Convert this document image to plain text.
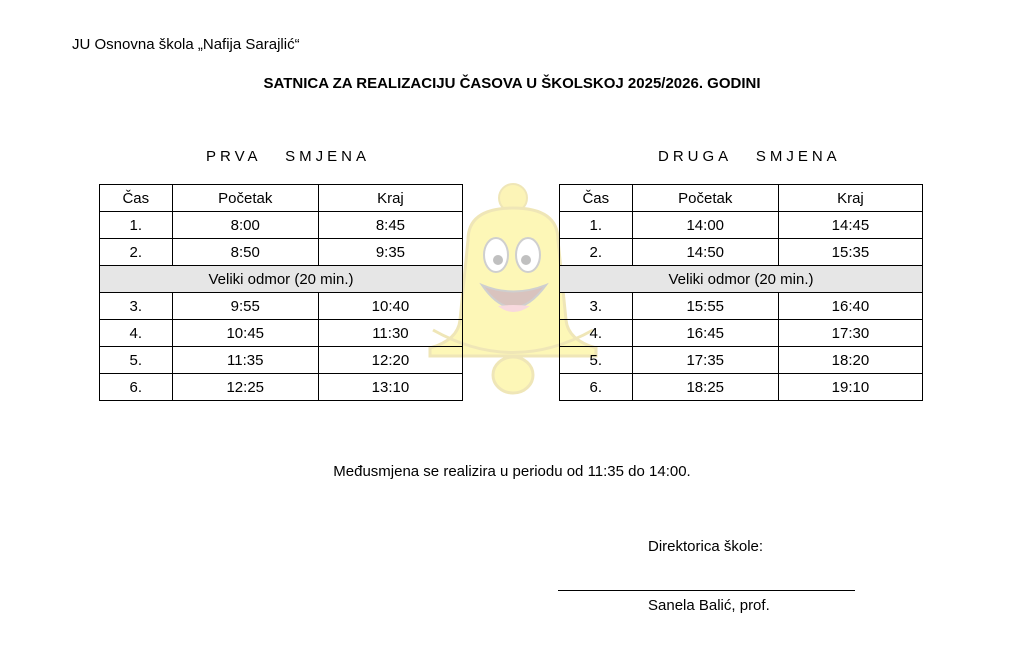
JU Osnovna škola „Nafija Sarajlić“
SATNICA ZA REALIZACIJU ČASOVA U ŠKOLSKOJ 2025/2026. GODINI
PRVA   SMJENA	DRUGA   SMJENA
Čas	Početak	Kraj
1.	8:00	8:45
2.	8:50	9:35
Veliki odmor (20 min.)		
3.	9:55	10:40
4.	10:45	11:30
5.	11:35	12:20
6.	12:25	13:10
Čas	Početak	Kraj
1.	14:00	14:45
2.	14:50	15:35
Veliki odmor (20 min.)		
3.	15:55	16:40
4.	16:45	17:30
5.	17:35	18:20
6.	18:25	19:10
Međusmjena se realizira u periodu od 11:35 do 14:00.
Direktorica škole:
Sanela Balić, prof.
